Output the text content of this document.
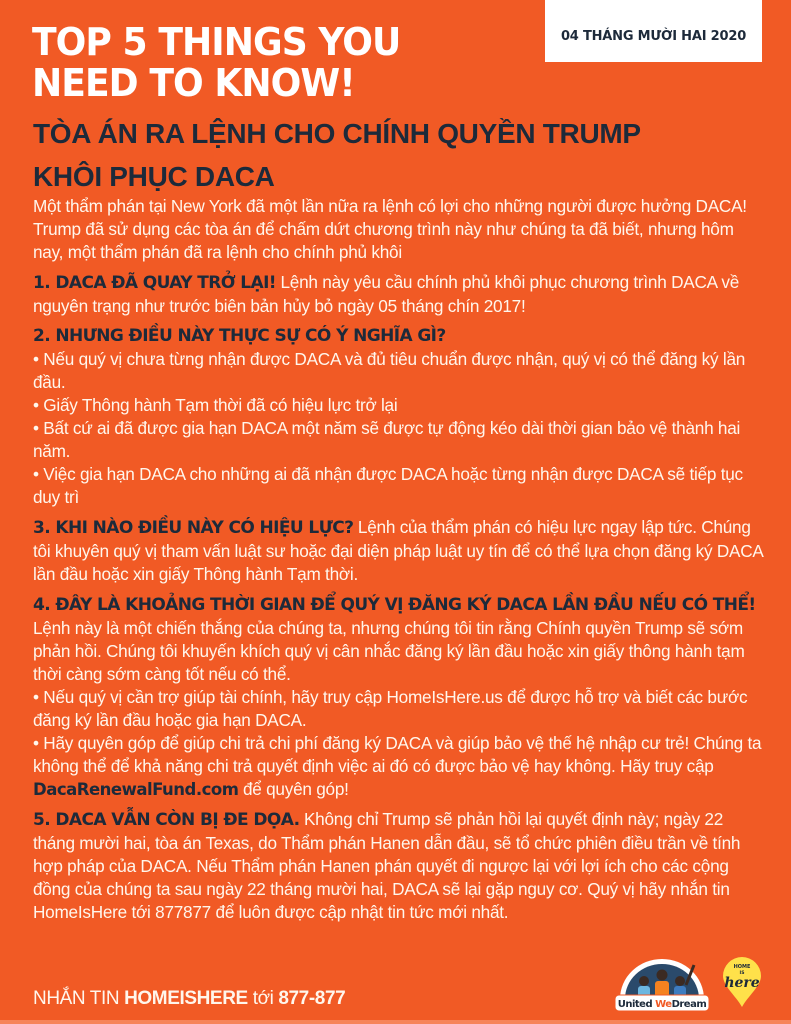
04 THÁNG MƯỜI HAI 2020
TOP 5 THINGS YOU
NEED TO KNOW!
TÒA ÁN RA LỆNH CHO CHÍNH QUYỀN TRUMP
KHÔI PHỤC DACA

Một thẩm phán tại New York đã một lần nữa ra lệnh có lợi cho những người được hưởng DACA! Trump đã sử dụng các tòa án để chấm dứt chương trình này như chúng ta đã biết, nhưng hôm nay, một thẩm phán đã ra lệnh cho chính phủ khôi

1. DACA ĐÃ QUAY TRỞ LẠI! Lệnh này yêu cầu chính phủ khôi phục chương trình DACA về nguyên trạng như trước biên bản hủy bỏ ngày 05 tháng chín 2017!

2. NHƯNG ĐIỀU NÀY THỰC SỰ CÓ Ý NGHĨA GÌ?

• Nếu quý vị chưa từng nhận được DACA và đủ tiêu chuẩn được nhận, quý vị có thể đăng ký lần đầu.

• Giấy Thông hành Tạm thời đã có hiệu lực trở lại

• Bất cứ ai đã được gia hạn DACA một năm sẽ được tự động kéo dài thời gian bảo vệ thành hai năm.

• Việc gia hạn DACA cho những ai đã nhận được DACA hoặc từng nhận được DACA sẽ tiếp tục duy trì

3. KHI NÀO ĐIỀU NÀY CÓ HIỆU LỰC? Lệnh của thẩm phán có hiệu lực ngay lập tức. Chúng tôi khuyên quý vị tham vấn luật sư hoặc đại diện pháp luật uy tín để có thể lựa chọn đăng ký DACA lần đầu hoặc xin giấy Thông hành Tạm thời.

4. ĐÂY LÀ KHOẢNG THỜI GIAN ĐỂ QUÝ VỊ ĐĂNG KÝ DACA LẦN ĐẦU NẾU CÓ THỂ! Lệnh này là một chiến thắng của chúng ta, nhưng chúng tôi tin rằng Chính quyền Trump sẽ sớm phản hồi. Chúng tôi khuyến khích quý vị cân nhắc đăng ký lần đầu hoặc xin giấy thông hành tạm thời càng sớm càng tốt nếu có thể.

• Nếu quý vị cần trợ giúp tài chính, hãy truy cập HomeIsHere.us để được hỗ trợ và biết các bước đăng ký lần đầu hoặc gia hạn DACA.

• Hãy quyên góp để giúp chi trả chi phí đăng ký DACA và giúp bảo vệ thế hệ nhập cư trẻ! Chúng ta không thể để khả năng chi trả quyết định việc ai đó có được bảo vệ hay không. Hãy truy cập DacaRenewalFund.com để quyên góp!

5. DACA VẪN CÒN BỊ ĐE DỌA. Không chỉ Trump sẽ phản hồi lại quyết định này; ngày 22 tháng mười hai, tòa án Texas, do Thẩm phán Hanen dẫn đầu, sẽ tổ chức phiên điều trần về tính hợp pháp của DACA. Nếu Thẩm phán Hanen phán quyết đi ngược lại với lợi ích cho các cộng đồng của chúng ta sau ngày 22 tháng mười hai, DACA sẽ lại gặp nguy cơ. Quý vị hãy nhắn tin HomeIsHere tới 877877 để luôn được cập nhật tin tức mới nhất.

NHẮN TIN HOMEISHERE tới 877-877	United WeDream
HOME
IS
here
